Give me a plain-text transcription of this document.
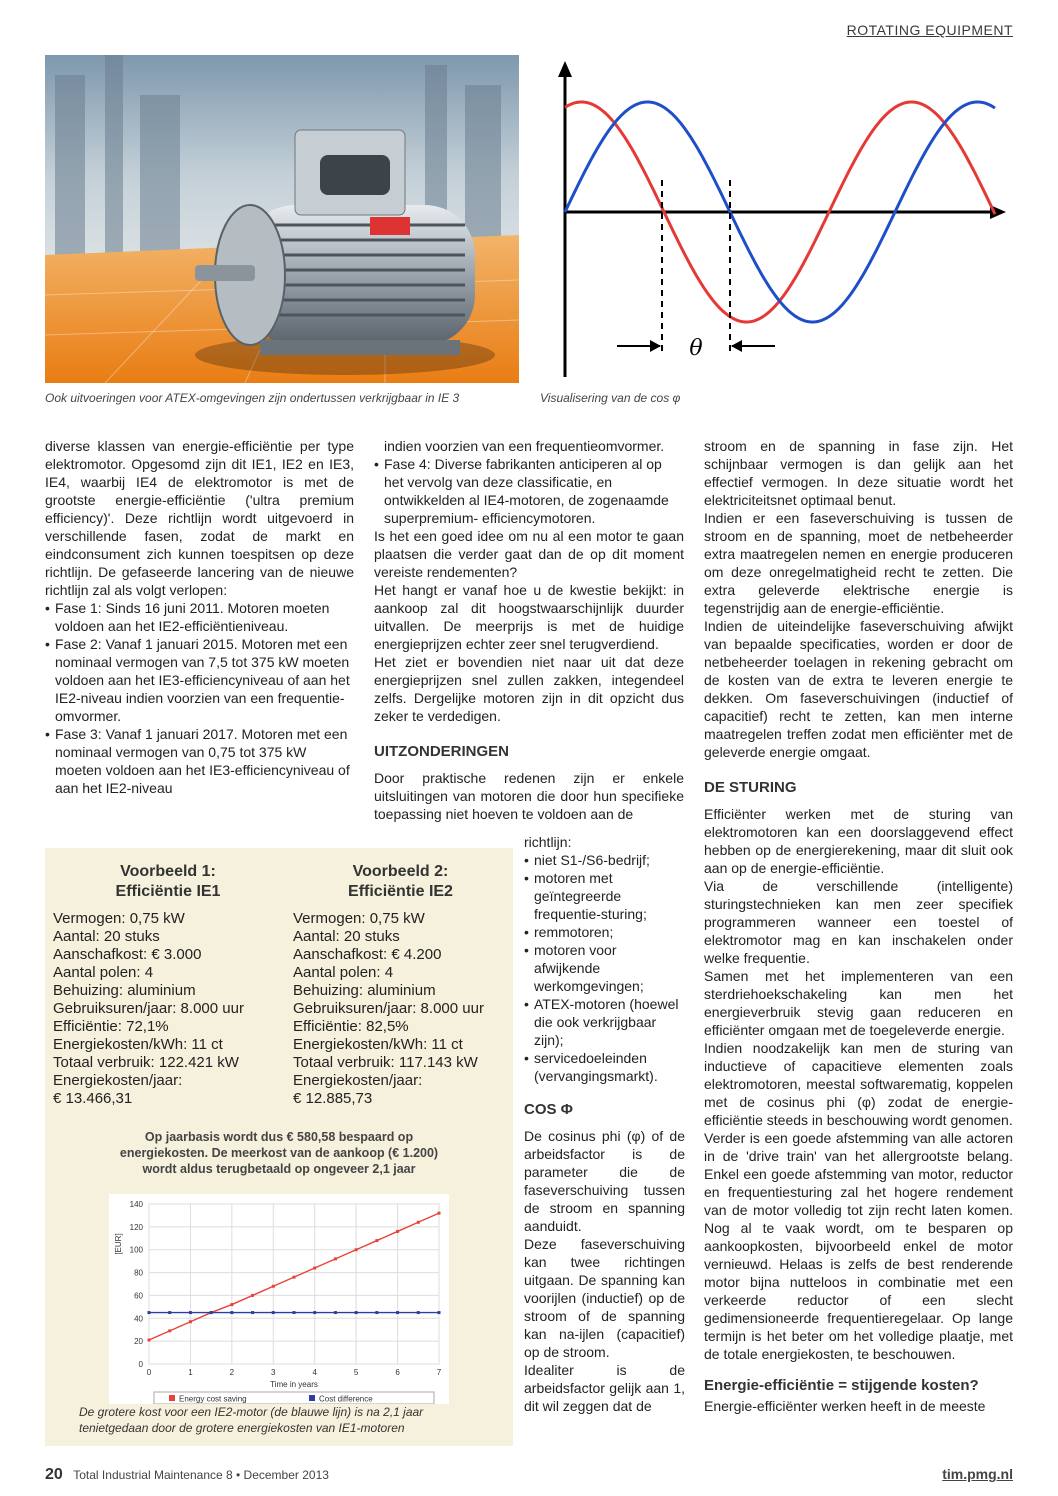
ROTATING EQUIPMENT
Ook uitvoeringen voor ATEX-omgevingen zijn ondertussen verkrijgbaar in IE 3
θ
Visualisering van de cos φ

diverse klassen van energie-efficiëntie per type elektromotor. Opgesomd zijn dit IE1, IE2 en IE3, IE4, waarbij IE4 de elektromotor is met de grootste energie-efficiëntie ('ultra premium efficiency)'. Deze richtlijn wordt uitgevoerd in verschillende fasen, zodat de markt en eindconsument zich kunnen toespitsen op deze richtlijn. De gefaseerde lancering van de nieuwe richtlijn zal als volgt verlopen:

• Fase 1: Sinds 16 juni 2011. Motoren moeten voldoen aan het IE2-efficiëntieniveau.

• Fase 2: Vanaf 1 januari 2015. Motoren met een nominaal vermogen van 7,5 tot 375 kW moeten voldoen aan het IE3-efficiencyniveau of aan het IE2-niveau indien voorzien van een frequentie-omvormer.

• Fase 3: Vanaf 1 januari 2017. Motoren met een nominaal vermogen van 0,75 tot 375 kW moeten voldoen aan het IE3-efficiencyniveau of aan het IE2-niveau

indien voorzien van een frequentieomvormer.

• Fase 4: Diverse fabrikanten anticiperen al op het vervolg van deze classificatie, en ontwikkelden al IE4-motoren, de zogenaamde superpremium- efficiencymotoren.

Is het een goed idee om nu al een motor te gaan plaatsen die verder gaat dan de op dit moment vereiste rendementen?

Het hangt er vanaf hoe u de kwestie bekijkt: in aankoop zal dit hoogstwaarschijnlijk duurder uitvallen. De meerprijs is met de huidige energieprijzen echter zeer snel terugverdiend.

Het ziet er bovendien niet naar uit dat deze energieprijzen snel zullen zakken, integendeel zelfs. Dergelijke motoren zijn in dit opzicht dus zeker te verdedigen.

UITZONDERINGEN

Door praktische redenen zijn er enkele uitsluitingen van motoren die door hun specifieke toepassing niet hoeven te voldoen aan de

richtlijn:

• niet S1-/S6-bedrijf;

• motoren met geïntegreerde frequentie-sturing;

• remmotoren;

• motoren voor afwijkende werkomgevingen;

• ATEX-motoren (hoewel die ook verkrijgbaar zijn);

• servicedoeleinden (vervangingsmarkt).

COS Φ

De cosinus phi (φ) of de arbeidsfactor is de parameter die de faseverschuiving tussen de stroom en spanning aanduidt.

Deze faseverschuiving kan twee richtingen uitgaan. De spanning kan voorijlen (inductief) op de stroom of de spanning kan na-ijlen (capacitief) op de stroom.

Idealiter is de arbeidsfactor gelijk aan 1, dit wil zeggen dat de

stroom en de spanning in fase zijn. Het schijnbaar vermogen is dan gelijk aan het effectief vermogen. In deze situatie wordt het elektriciteitsnet optimaal benut.

Indien er een faseverschuiving is tussen de stroom en de spanning, moet de netbeheerder extra maatregelen nemen en energie produceren om deze onregelmatigheid recht te zetten. Die extra geleverde elektrische energie is tegenstrijdig aan de energie-efficiëntie.

Indien de uiteindelijke faseverschuiving afwijkt van bepaalde specificaties, worden er door de netbeheerder toelagen in rekening gebracht om de kosten van de extra te leveren energie te dekken. Om faseverschuivingen (inductief of capacitief) recht te zetten, kan men interne maatregelen treffen zodat men efficiënter met de geleverde energie omgaat.

DE STURING

Efficiënter werken met de sturing van elektromotoren kan een doorslaggevend effect hebben op de energierekening, maar dit sluit ook aan op de energie-efficiëntie.

Via de verschillende (intelligente) sturingstechnieken kan men zeer specifiek programmeren wanneer een toestel of elektromotor mag en kan inschakelen onder welke frequentie.

Samen met het implementeren van een sterdriehoekschakeling kan men het energieverbruik stevig gaan reduceren en efficiënter omgaan met de toegeleverde energie.

Indien noodzakelijk kan men de sturing van inductieve of capacitieve elementen zoals elektromotoren, meestal softwarematig, koppelen met de cosinus phi (φ) zodat de energie-efficiëntie steeds in beschouwing wordt genomen.

Verder is een goede afstemming van alle actoren in de 'drive train' van het allergrootste belang. Enkel een goede afstemming van motor, reductor en frequentiesturing zal het hogere rendement van de motor volledig tot zijn recht laten komen. Nog al te vaak wordt, om te besparen op aankoopkosten, bijvoorbeeld enkel de motor vernieuwd. Helaas is zelfs de best renderende motor bijna nutteloos in combinatie met een verkeerde reductor of een slecht gedimensioneerde frequentieregelaar. Op lange termijn is het beter om het volledige plaatje, met de totale energiekosten, te beschouwen.

Energie-efficiëntie = stijgende kosten?

Energie-efficiënter werken heeft in de meeste

Voorbeeld 1:
Efficiëntie IE1
Vermogen: 0,75 kW
Aantal: 20 stuks
Aanschafkost: € 3.000
Aantal polen: 4
Behuizing: aluminium
Gebruiksuren/jaar: 8.000 uur
Efficiëntie: 72,1%
Energiekosten/kWh: 11 ct
Totaal verbruik: 122.421 kW
Energiekosten/jaar:
€ 13.466,31
Voorbeeld 2:
Efficiëntie IE2
Vermogen: 0,75 kW
Aantal: 20 stuks
Aanschafkost: € 4.200
Aantal polen: 4
Behuizing: aluminium
Gebruiksuren/jaar: 8.000 uur
Efficiëntie: 82,5%
Energiekosten/kWh: 11 ct
Totaal verbruik: 117.143 kW
Energiekosten/jaar:
€ 12.885,73
Op jaarbasis wordt dus € 580,58 bespaard op energiekosten. De meerkost van de aankoop (€ 1.200) wordt aldus terugbetaald op ongeveer 2,1 jaar
0
20
40
60
80
100
120
140
0	1	2	3	4	5	6	7
[EUR]
Time in years
Energy cost saving	Cost difference
De grotere kost voor een IE2-motor (de blauwe lijn) is na 2,1 jaar tenietgedaan door de grotere energiekosten van IE1-motoren
20 Total Industrial Maintenance 8 • December 2013	tim.pmg.nl
